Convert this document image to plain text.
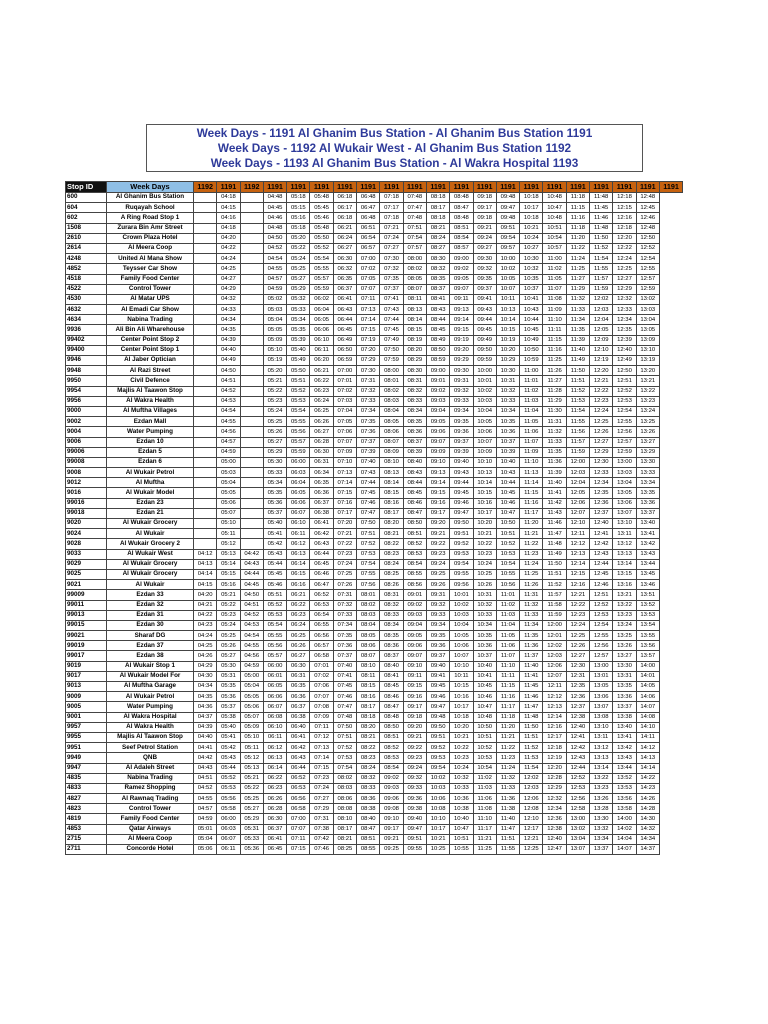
Week Days - 1191 Al Ghanim Bus Station - Al Ghanim Bus Station 1191
Week Days - 1192 Al Wukair West - Al Ghanim Bus Station 1192
Week Days - 1193 Al Ghanim Bus Station - Al Wakra Hospital 1193
Stop ID	Week Days	1192	1191	1192	1191	1191	1191	1191	1191	1191	1191	1191	1191	1191	1191	1191	1191	1191	1191	1191	1191	1191
600	Al Ghanim Bus Station		04:18		04:48	05:18	05:48	06:18	06:48	07:18	07:48	08:18	08:48	09:18	09:48	10:18	10:48	11:18	11:48	12:18	12:48	
604	Ruqayah School		04:15		04:45	05:15	05:45	06:17	06:47	07:17	07:47	08:17	08:47	09:17	09:47	10:17	10:47	11:15	11:45	12:15	12:45	
602	A Ring Road Stop 1		04:16		04:46	05:16	05:46	06:18	06:48	07:18	07:48	08:18	08:48	09:18	09:48	10:18	10:48	11:16	11:46	12:16	12:46	
1508	Zurara Bin Amr Street		04:18		04:48	05:18	05:48	06:21	06:51	07:21	07:51	08:21	08:51	09:21	09:51	10:21	10:51	11:18	11:48	12:18	12:48	
2610	Crown Plaza Hotel		04:20		04:50	05:20	05:50	06:24	06:54	07:24	07:54	08:24	08:54	09:24	09:54	10:24	10:54	11:20	11:50	12:20	12:50	
2614	Al Meera Coop		04:22		04:52	05:22	05:52	06:27	06:57	07:27	07:57	08:27	08:57	09:27	09:57	10:27	10:57	11:22	11:52	12:22	12:52	
4248	United Al Mana Show		04:24		04:54	05:24	05:54	06:30	07:00	07:30	08:00	08:30	09:00	09:30	10:00	10:30	11:00	11:24	11:54	12:24	12:54	
4852	Teysser Car Show		04:25		04:55	05:25	05:55	06:32	07:02	07:32	08:02	08:32	09:02	09:32	10:02	10:32	11:02	11:25	11:55	12:25	12:55	
4518	Family Food Center		04:27		04:57	05:27	05:57	06:35	07:05	07:35	08:05	08:35	09:05	09:35	10:05	10:35	11:05	11:27	11:57	12:27	12:57	
4522	Control Tower		04:29		04:59	05:29	05:59	06:37	07:07	07:37	08:07	08:37	09:07	09:37	10:07	10:37	11:07	11:29	11:59	12:29	12:59	
4530	Al Matar UPS		04:32		05:02	05:32	06:02	06:41	07:11	07:41	08:11	08:41	09:11	09:41	10:11	10:41	11:08	11:32	12:02	12:32	13:02	
4632	Al Emadi Car Show		04:33		05:03	05:33	06:04	06:43	07:13	07:43	08:13	08:43	09:13	09:43	10:13	10:43	11:09	11:33	12:03	12:33	13:03	
4634	Nabina Trading		04:34		05:04	05:34	06:05	06:44	07:14	07:44	08:14	08:44	09:14	09:44	10:14	10:44	11:10	11:34	12:04	12:34	13:04	
9936	Ali Bin Ali Wharehouse		04:35		05:05	05:35	06:06	06:45	07:15	07:45	08:15	08:45	09:15	09:45	10:15	10:45	11:11	11:35	12:05	12:35	13:05	
99402	Center Point Stop 2		04:39		05:09	05:39	06:10	06:49	07:19	07:49	08:19	08:49	09:19	09:49	10:19	10:49	11:15	11:39	12:09	12:39	13:09	
99400	Center Point Stop 1		04:40		05:10	05:40	06:11	06:50	07:20	07:50	08:20	08:50	09:20	09:50	10:20	10:50	11:16	11:40	12:10	12:40	13:10	
9946	Al Jaber Optician		04:49		05:19	05:49	06:20	06:59	07:29	07:59	08:29	08:59	09:29	09:59	10:29	10:59	11:25	11:49	12:19	12:49	13:19	
9948	Al Razi Street		04:50		05:20	05:50	06:21	07:00	07:30	08:00	08:30	09:00	09:30	10:00	10:30	11:00	11:26	11:50	12:20	12:50	13:20	
9950	Civil Defence		04:51		05:21	05:51	06:22	07:01	07:31	08:01	08:31	09:01	09:31	10:01	10:31	11:01	11:27	11:51	12:21	12:51	13:21	
9954	Majlis Al Taawon Stop		04:52		05:22	05:52	06:23	07:02	07:32	08:02	08:32	09:02	09:32	10:02	10:32	11:02	11:28	11:52	12:22	12:52	13:22	
9956	Al Wakra Health		04:53		05:23	05:53	06:24	07:03	07:33	08:03	08:33	09:03	09:33	10:03	10:33	11:03	11:29	11:53	12:23	12:53	13:23	
9000	Al Muftha Villages		04:54		05:24	05:54	06:25	07:04	07:34	08:04	08:34	09:04	09:34	10:04	10:34	11:04	11:30	11:54	12:24	12:54	13:24	
9002	Ezdan Mall		04:55		05:25	05:55	06:26	07:05	07:35	08:05	08:35	09:05	09:35	10:05	10:35	11:05	11:31	11:55	12:25	12:55	13:25	
9004	Water Pumping		04:56		05:26	05:56	06:27	07:06	07:36	08:06	08:36	09:06	09:36	10:06	10:36	11:06	11:32	11:56	12:26	12:56	13:26	
9006	Ezdan 10		04:57		05:27	05:57	06:28	07:07	07:37	08:07	08:37	09:07	09:37	10:07	10:37	11:07	11:33	11:57	12:27	12:57	13:27	
99006	Ezdan 5		04:59		05:29	05:59	06:30	07:09	07:39	08:09	08:39	09:09	09:39	10:09	10:39	11:09	11:35	11:59	12:29	12:59	13:29	
99008	Ezdan 6		05:00		05:30	06:00	06:31	07:10	07:40	08:10	08:40	09:10	09:40	10:10	10:40	11:10	11:36	12:00	12:30	13:00	13:30	
9008	Al Wukair Petrol		05:03		05:33	06:03	06:34	07:13	07:43	08:13	08:43	09:13	09:43	10:13	10:43	11:13	11:39	12:03	12:33	13:03	13:33	
9012	Al Muftha		05:04		05:34	06:04	06:35	07:14	07:44	08:14	08:44	09:14	09:44	10:14	10:44	11:14	11:40	12:04	12:34	13:04	13:34	
9016	Al Wukair Model		05:05		05:35	06:05	06:36	07:15	07:45	08:15	08:45	09:15	09:45	10:15	10:45	11:15	11:41	12:05	12:35	13:05	13:35	
99016	Ezdan 23		05:06		05:36	06:06	06:37	07:16	07:46	08:16	08:46	09:16	09:46	10:16	10:46	11:16	11:42	12:06	12:36	13:06	13:36	
99018	Ezdan 21		05:07		05:37	06:07	06:38	07:17	07:47	08:17	08:47	09:17	09:47	10:17	10:47	11:17	11:43	12:07	12:37	13:07	13:37	
9020	Al Wukair Grocery		05:10		05:40	06:10	06:41	07:20	07:50	08:20	08:50	09:20	09:50	10:20	10:50	11:20	11:46	12:10	12:40	13:10	13:40	
9024	Al Wukair		05:11		05:41	06:11	06:42	07:21	07:51	08:21	08:51	09:21	09:51	10:21	10:51	11:21	11:47	12:11	12:41	13:11	13:41	
9028	Al Wukair Grocery 2		05:12		05:42	06:12	06:43	07:22	07:52	08:22	08:52	09:22	09:52	10:22	10:52	11:22	11:48	12:12	12:42	13:12	13:42	
9033	Al Wukair West	04:12	05:13	04:42	05:43	06:13	06:44	07:23	07:53	08:23	08:53	09:23	09:53	10:23	10:53	11:23	11:49	12:13	12:43	13:13	13:43	
9029	Al Wukair Grocery	04:13	05:14	04:43	05:44	06:14	06:45	07:24	07:54	08:24	08:54	09:24	09:54	10:24	10:54	11:24	11:50	12:14	12:44	13:14	13:44	
9025	Al Wukair Grocery	04:14	05:15	04:44	05:45	06:15	06:46	07:25	07:55	08:25	08:55	09:25	09:55	10:25	10:55	11:25	11:51	12:15	12:45	13:15	13:45	
9021	Al Wukair	04:15	05:16	04:45	05:46	06:16	06:47	07:26	07:56	08:26	08:56	09:26	09:56	10:26	10:56	11:26	11:52	12:16	12:46	13:16	13:46	
99009	Ezdan 33	04:20	05:21	04:50	05:51	06:21	06:52	07:31	08:01	08:31	09:01	09:31	10:01	10:31	11:01	11:31	11:57	12:21	12:51	13:21	13:51	
99011	Ezdan 32	04:21	05:22	04:51	05:52	06:22	06:53	07:32	08:02	08:32	09:02	09:32	10:02	10:32	11:02	11:32	11:58	12:22	12:52	13:22	13:52	
99013	Ezdan 31	04:22	05:23	04:52	05:53	06:23	06:54	07:33	08:03	08:33	09:03	09:33	10:03	10:33	11:03	11:33	11:59	12:23	12:53	13:23	13:53	
99015	Ezdan 30	04:23	05:24	04:53	05:54	06:24	06:55	07:34	08:04	08:34	09:04	09:34	10:04	10:34	11:04	11:34	12:00	12:24	12:54	13:24	13:54	
99021	Sharaf DG	04:24	05:25	04:54	05:55	06:25	06:56	07:35	08:05	08:35	09:05	09:35	10:05	10:35	11:05	11:35	12:01	12:25	12:55	13:25	13:55	
99019	Ezdan 37	04:25	05:26	04:55	05:56	06:26	06:57	07:36	08:06	08:36	09:06	09:36	10:06	10:36	11:06	11:36	12:02	12:26	12:56	13:26	13:56	
99017	Ezdan 38	04:26	05:27	04:56	05:57	06:27	06:58	07:37	08:07	08:37	09:07	09:37	10:07	10:37	11:07	11:37	12:03	12:27	12:57	13:27	13:57	
9019	Al Wukair Stop 1	04:29	05:30	04:59	06:00	06:30	07:01	07:40	08:10	08:40	09:10	09:40	10:10	10:40	11:10	11:40	12:06	12:30	13:00	13:30	14:00	
9017	Al Wukair Model For	04:30	05:31	05:00	06:01	06:31	07:02	07:41	08:11	08:41	09:11	09:41	10:11	10:41	11:11	11:41	12:07	12:31	13:01	13:31	14:01	
9013	Al Muftha Garage	04:34	05:35	05:04	06:05	06:35	07:06	07:45	08:15	08:45	09:15	09:45	10:15	10:45	11:15	11:45	12:11	12:35	13:05	13:35	14:05	
9009	Al Wukair Petrol	04:35	05:36	05:05	06:06	06:36	07:07	07:46	08:16	08:46	09:16	09:46	10:16	10:46	11:16	11:46	12:12	12:36	13:06	13:36	14:06	
9005	Water Pumping	04:36	05:37	05:06	06:07	06:37	07:08	07:47	08:17	08:47	09:17	09:47	10:17	10:47	11:17	11:47	12:13	12:37	13:07	13:37	14:07	
9001	Al Wakra Hospital	04:37	05:38	05:07	06:08	06:38	07:09	07:48	08:18	08:48	09:18	09:48	10:18	10:48	11:18	11:48	12:14	12:38	13:08	13:38	14:08	
9957	Al Wakra Health	04:39	05:40	05:09	06:10	06:40	07:11	07:50	08:20	08:50	09:20	09:50	10:20	10:50	11:20	11:50	12:16	12:40	13:10	13:40	14:10	
9955	Majlis Al Taawon Stop	04:40	05:41	05:10	06:11	06:41	07:12	07:51	08:21	08:51	09:21	09:51	10:21	10:51	11:21	11:51	12:17	12:41	13:11	13:41	14:11	
9951	Seef Petrol Station	04:41	05:42	05:11	06:12	06:42	07:13	07:52	08:22	08:52	09:22	09:52	10:22	10:52	11:22	11:52	12:18	12:42	13:12	13:42	14:12	
9949	QNB	04:42	05:43	05:12	06:13	06:43	07:14	07:53	08:23	08:53	09:23	09:53	10:23	10:53	11:23	11:53	12:19	12:43	13:13	13:43	14:13	
9947	Al Adaleh Street	04:43	05:44	05:13	06:14	06:44	07:15	07:54	08:24	08:54	09:24	09:54	10:24	10:54	11:24	11:54	12:20	12:44	13:14	13:44	14:14	
4835	Nabina Trading	04:51	05:52	05:21	06:22	06:52	07:23	08:02	08:32	09:02	09:32	10:02	10:32	11:02	11:32	12:02	12:28	12:52	13:22	13:52	14:22	
4833	Ramez Shopping	04:52	05:53	05:22	06:23	06:53	07:24	08:03	08:33	09:03	09:33	10:03	10:33	11:03	11:33	12:03	12:29	12:53	13:23	13:53	14:23	
4827	Al Rawnaq Trading	04:55	05:56	05:25	06:26	06:56	07:27	08:06	08:36	09:06	09:36	10:06	10:36	11:06	11:36	12:06	12:32	12:56	13:26	13:56	14:26	
4823	Control Tower	04:57	05:58	05:27	06:28	06:58	07:29	08:08	08:38	09:08	09:38	10:08	10:38	11:08	11:38	12:08	12:34	12:58	13:28	13:58	14:28	
4819	Family Food Center	04:59	06:00	05:29	06:30	07:00	07:31	08:10	08:40	09:10	09:40	10:10	10:40	11:10	11:40	12:10	12:36	13:00	13:30	14:00	14:30	
4853	Qatar Airways	05:01	06:03	05:31	06:37	07:07	07:38	08:17	08:47	09:17	09:47	10:17	10:47	11:17	11:47	12:17	12:38	13:02	13:32	14:02	14:32	
2715	Al Meera Coop	05:04	06:07	05:33	06:41	07:11	07:42	08:21	08:51	09:21	09:51	10:21	10:51	11:21	11:51	12:21	12:40	13:04	13:34	14:04	14:34	
2711	Concorde Hotel	05:06	06:11	05:36	06:45	07:15	07:46	08:25	08:55	09:25	09:55	10:25	10:55	11:25	11:55	12:25	12:47	13:07	13:37	14:07	14:37	
